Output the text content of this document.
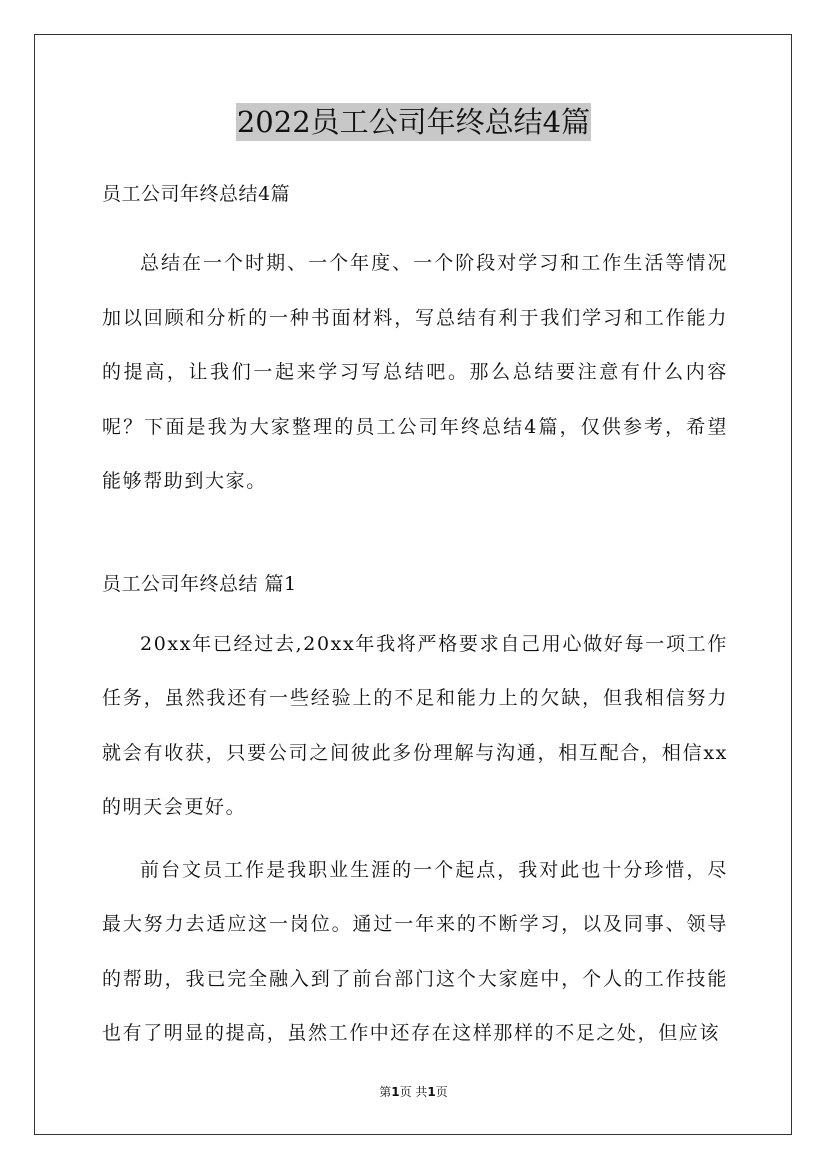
2022员工公司年终总结4篇

员工公司年终总结4篇

总结在一个时期、一个年度、一个阶段对学习和工作生活等情况加以回顾和分析的一种书面材料，写总结有利于我们学习和工作能力的提高，让我们一起来学习写总结吧。那么总结要注意有什么内容呢？下面是我为大家整理的员工公司年终总结4篇，仅供参考，希望能够帮助到大家。

员工公司年终总结 篇1

20xx年已经过去,20xx年我将严格要求自己用心做好每一项工作任务，虽然我还有一些经验上的不足和能力上的欠缺，但我相信努力就会有收获，只要公司之间彼此多份理解与沟通，相互配合，相信xx的明天会更好。

前台文员工作是我职业生涯的一个起点，我对此也十分珍惜，尽最大努力去适应这一岗位。通过一年来的不断学习，以及同事、领导的帮助，我已完全融入到了前台部门这个大家庭中，个人的工作技能也有了明显的提高，虽然工作中还存在这样那样的不足之处，但应该

第1页 共1页
